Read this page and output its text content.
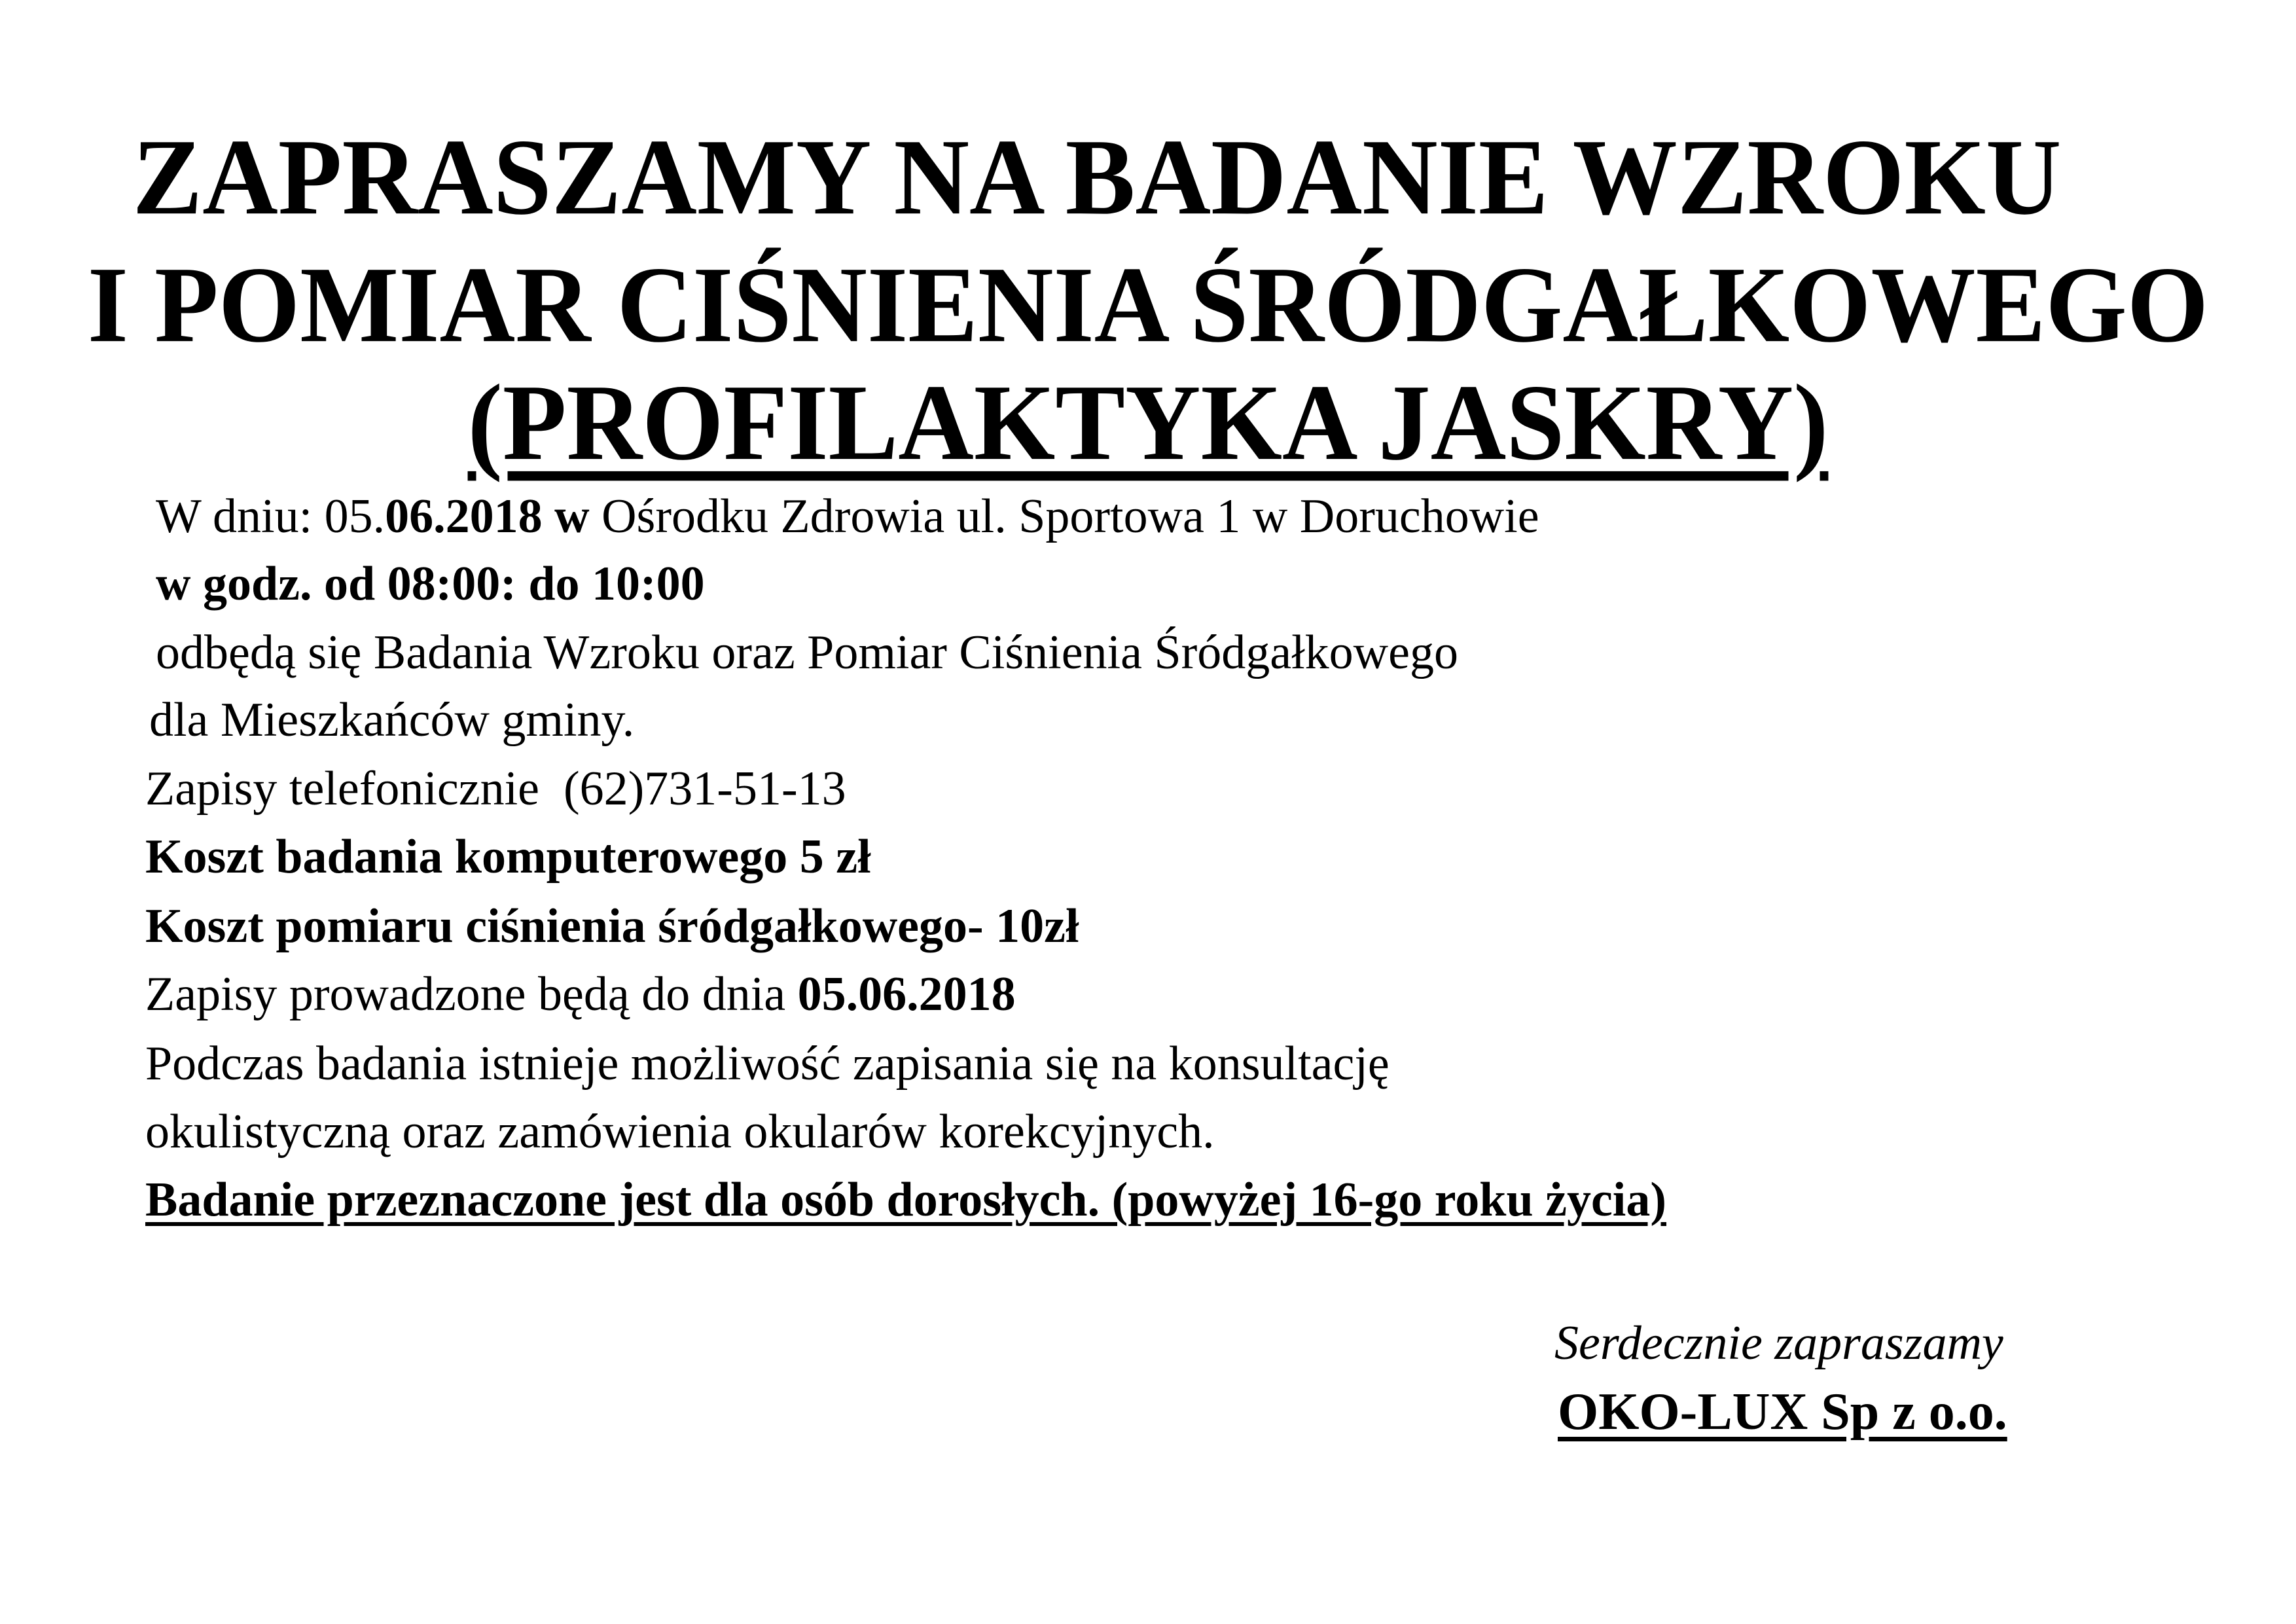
ZAPRASZAMY NA BADANIE WZROKU
I POMIAR CIŚNIENIA ŚRÓDGAŁKOWEGO
(PROFILAKTYKA JASKRY)
W dniu: 05.06.2018 w Ośrodku Zdrowia ul. Sportowa 1 w Doruchowie
w godz. od 08:00: do 10:00
odbędą się Badania Wzroku oraz Pomiar Ciśnienia Śródgałkowego
dla Mieszkańców gminy.
Zapisy telefonicznie  (62)731-51-13
Koszt badania komputerowego 5 zł
Koszt pomiaru ciśnienia śródgałkowego- 10zł
Zapisy prowadzone będą do dnia 05.06.2018
Podczas badania istnieje możliwość zapisania się na konsultację
okulistyczną oraz zamówienia okularów korekcyjnych.
Badanie przeznaczone jest dla osób dorosłych. (powyżej 16-go roku życia)
Serdecznie zapraszamy
OKO-LUX Sp z o.o.
